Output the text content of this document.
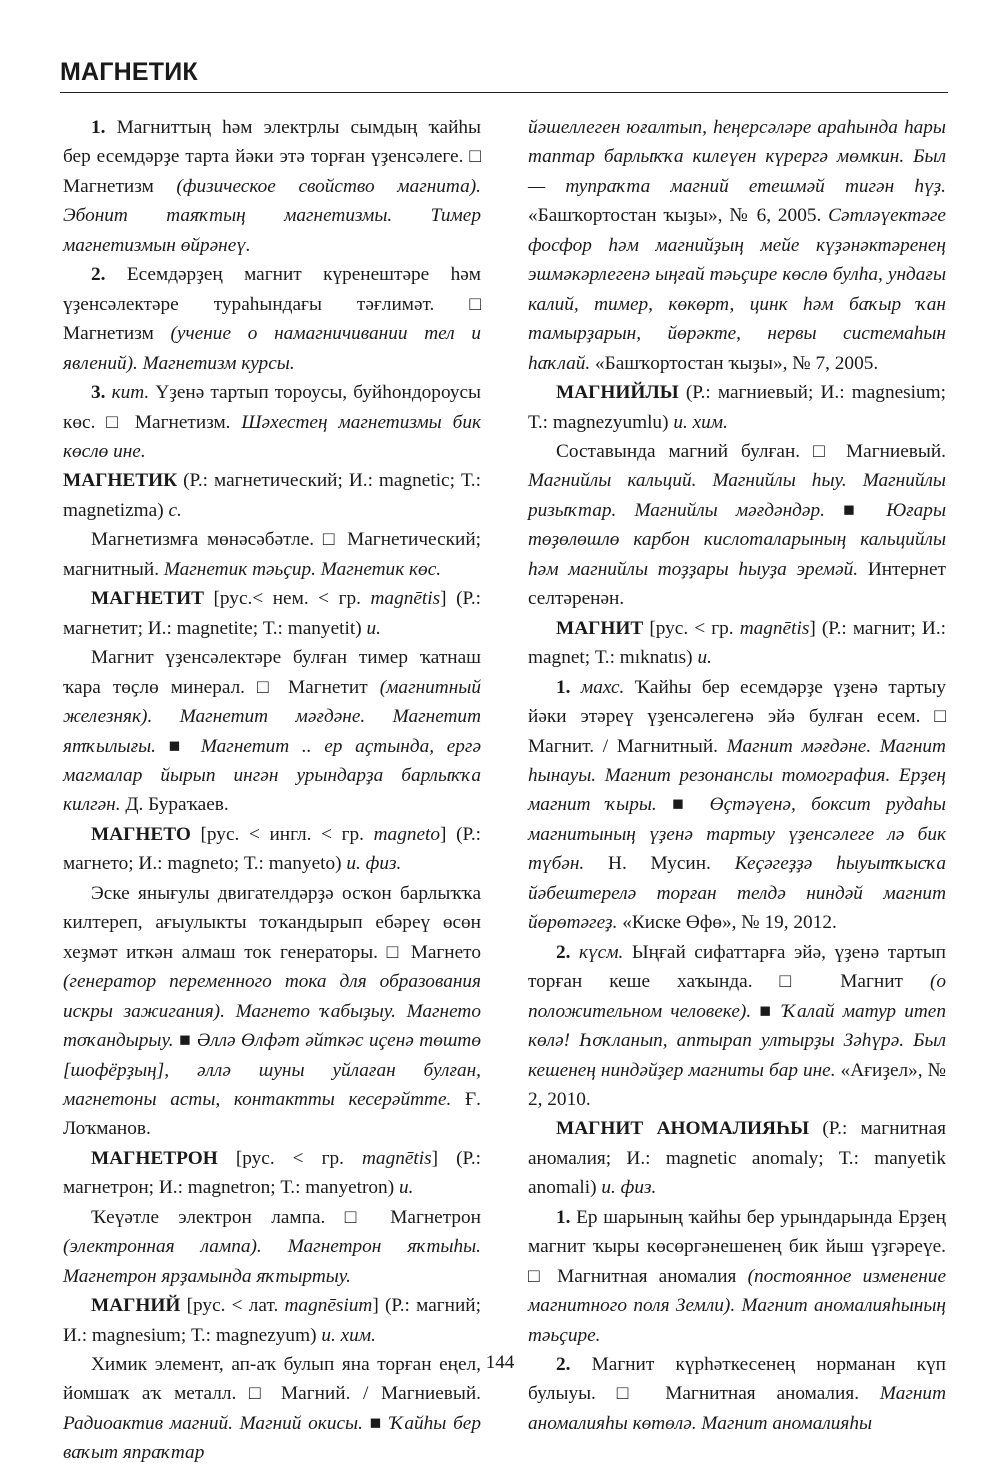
МАГНЕТИК

1. Магниттың һәм электрлы сымдың ҡайһы бер есемдәрҙе тарта йәки этә торған үҙенсәлеге. □ Магнетизм (физическое свойство магнита). Эбонит таяҡтың магнетизмы. Тимер магнетизмын өйрәнеү.

2. Есемдәрҙең магнит күренештәре һәм үҙенсәлектәре тураһындағы тәғлимәт. □ Магнетизм (учение о намагничивании тел и явлений). Магнетизм курсы.

3. кит. Үҙенә тартып тороусы, буйһондороусы көс. □ Магнетизм. Шәхестең магнетизмы бик көслө ине.

МАГНЕТИК (Р.: магнетический; И.: magnetic; Т.: magnetizma) с.

Магнетизмға мөнәсәбәтле. □ Магнетический; магнитный. Магнетик тәьҫир. Магнетик көс.

МАГНЕТИТ [рус.< нем. < гр. magnētis] (Р.: магнетит; И.: magnetite; Т.: manyetit) и.

Магнит үҙенсәлектәре булған тимер ҡатнаш ҡара төҫлө минерал. □ Магнетит (магнитный железняк). Магнетит мәғдәне. Магнетит ятҡылығы. ■ Магнетит .. ер аҫтында, ергә магмалар йырып ингән урындарҙа барлыҡҡа килгән. Д. Бураҡаев.

МАГНЕТО [рус. < ингл. < гр. magneto] (Р.: магнето; И.: magneto; Т.: manyeto) и. физ.

Эске янығулы двигателдәрҙә осҡон барлыҡҡа килтереп, ағыулыкты тоҡандырып ебәреү өсөн хеҙмәт иткән алмаш ток генераторы. □ Магнето (генератор переменного тока для образования искры зажигания). Магнето ҡабыҙыу. Магнето тоҡандырыу. ■ Әллә Өлфәт әйткәс иҫенә төштө [шофёрҙың], әллә шуны уйлаған булған, магнетоны асты, контактты кесерәйтте. Ғ. Лоҡманов.

МАГНЕТРОН [рус. < гр. magnētis] (Р.: магнетрон; И.: magnetron; Т.: manyetron) и.

Ҡеүәтле электрон лампа. □ Магнетрон (электронная лампа). Магнетрон яҡтыһы. Магнетрон ярҙамында яҡтыртыу.

МАГНИЙ [рус. < лат. magnēsium] (Р.: магний; И.: magnesium; Т.: magnezyum) и. хим.

Химик элемент, ап-аҡ булып яна торған еңел, йомшаҡ аҡ металл. □ Магний. / Магниевый. Радиоактив магний. Магний окисы. ■ Ҡайһы бер ваҡыт япраҡтар

йәшеллеген юғалтып, һеңерсәләре араһында һары таптар барлыҡҡа килеүен күрергә мөмкин. Был — тупраҡта магний етешмәй тигән һүҙ. «Башҡортостан ҡыҙы», № 6, 2005. Сәтләүектәге фосфор һәм магнийҙың мейе күҙәнәктәренең эшмәкәрлегенә ыңғай тәьҫире көслө булһа, ундағы калий, тимер, көкөрт, цинк һәм баҡыр ҡан тамырҙарын, йөрәкте, нервы системаһын һаҡлай. «Башҡортостан ҡыҙы», № 7, 2005.

МАГНИЙЛЫ (Р.: магниевый; И.: magnesium; Т.: magnezyumlu) и. хим.

Составында магний булған. □ Магниевый. Магнийлы кальций. Магнийлы һыу. Магнийлы ризыҡтар. Магнийлы мәғдәндәр. ■ Юғары төҙөлөшлө карбон кислоталарының кальцийлы һәм магнийлы тоҙҙары һыуҙа эремәй. Интернет селтәренән.

МАГНИТ [рус. < гр. magnētis] (Р.: магнит; И.: magnet; Т.: mıknatıs) и.

1. махс. Ҡайһы бер есемдәрҙе үҙенә тартыу йәки этәреү үҙенсәлегенә эйә булған есем. □ Магнит. / Магнитный. Магнит мәғдәне. Магнит һынауы. Магнит резонанслы томография. Ерҙең магнит ҡыры. ■ Өҫтәүенә, боксит рудаһы магнитының үҙенә тартыу үҙенсәлеге лә бик түбән. Н. Мусин. Кеҫәгеҙҙә һыуытҡысҡа йәбештерелә торған телдә ниндәй магнит йөрөтәгеҙ. «Киске Өфө», № 19, 2012.

2. күсм. Ыңғай сифаттарға эйә, үҙенә тартып торған кеше хаҡында. □ Магнит (о положительном человеке). ■ Ҡалай матур итеп көлә! Һоҡланып, аптырап ултырҙы Зәһүрә. Был кешенең ниндәйҙер магниты бар ине. «Ағиҙел», № 2, 2010.

МАГНИТ АНОМАЛИЯҺЫ (Р.: магнитная аномалия; И.: magnetic anomaly; Т.: manyetik anomali) и. физ.

1. Ер шарының ҡайһы бер урындарында Ерҙең магнит ҡыры көсөргәнешенең бик йыш үҙгәреүе. □ Магнитная аномалия (постоянное изменение магнитного поля Земли). Магнит аномалияһының тәьҫире.

2. Магнит күрһәткесенең норманан күп булыуы. □ Магнитная аномалия. Магнит аномалияһы көтөлә. Магнит аномалияһы

144
